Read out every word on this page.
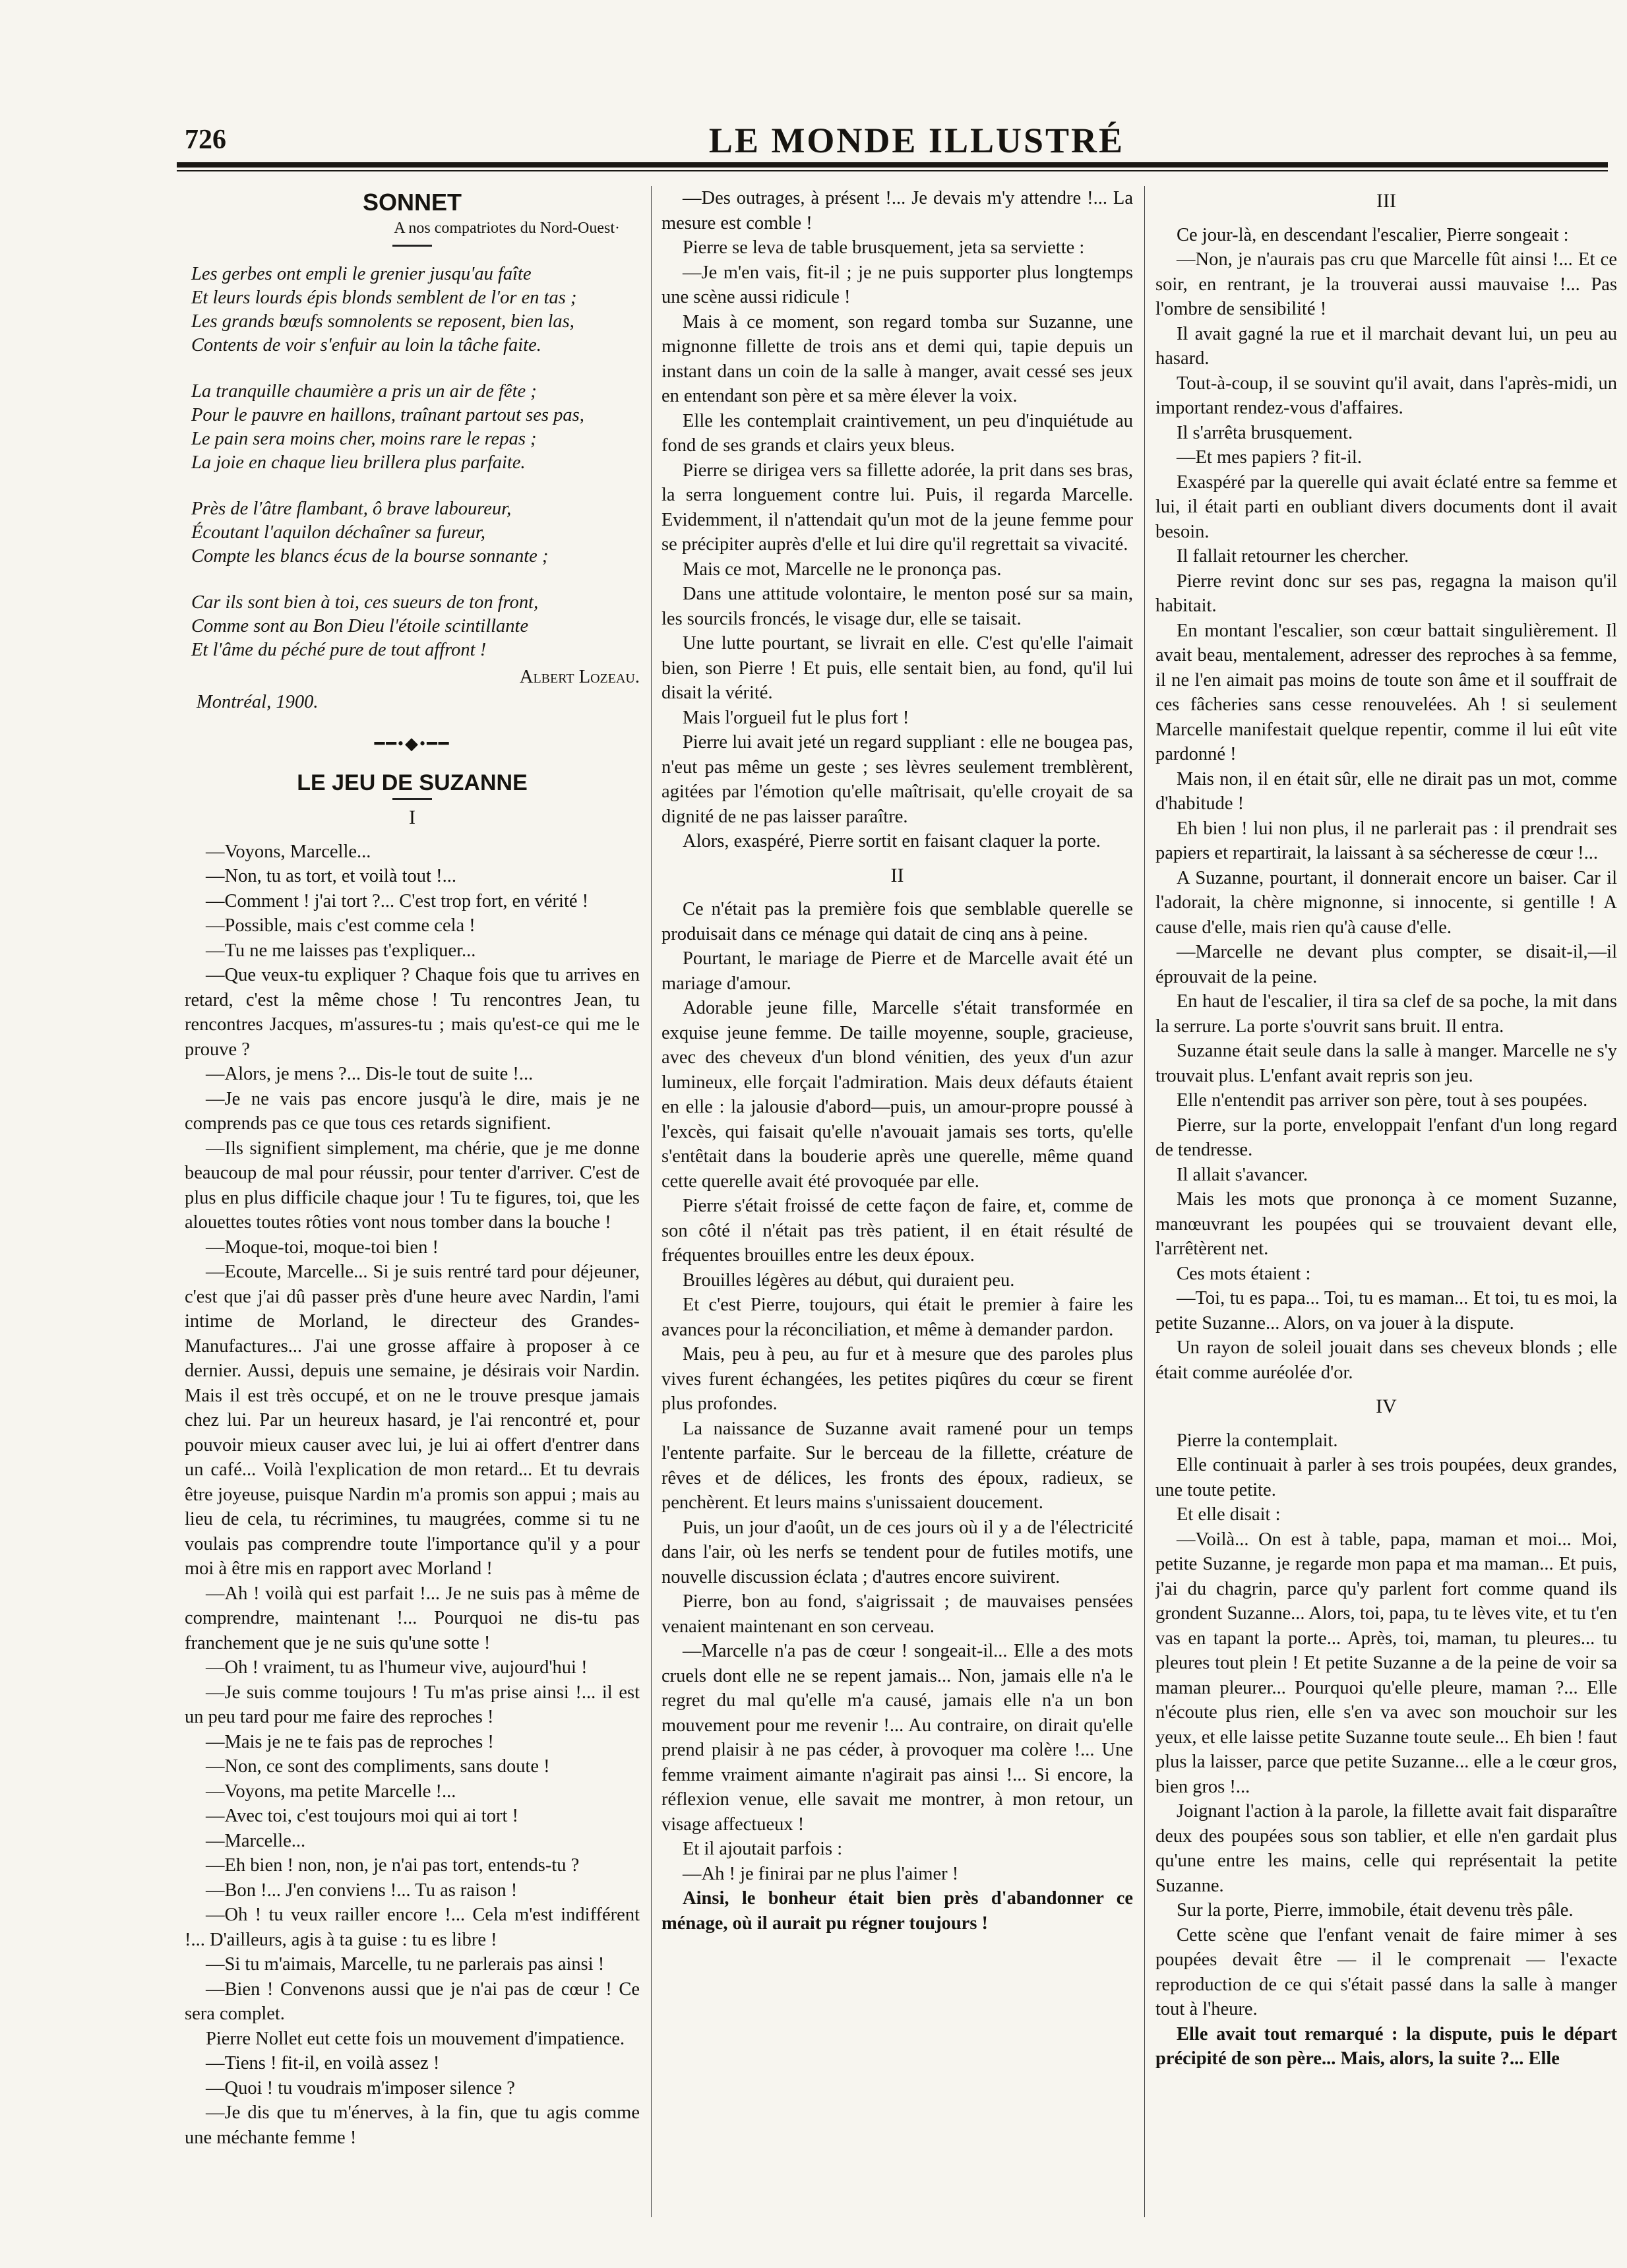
726	LE MONDE ILLUSTRÉ
SONNET
A nos compatriotes du Nord-Ouest·
Les gerbes ont empli le grenier jusqu'au faîte
Et leurs lourds épis blonds semblent de l'or en tas ;
Les grands bœufs somnolents se reposent, bien las,
Contents de voir s'enfuir au loin la tâche faite.
La tranquille chaumière a pris un air de fête ;
Pour le pauvre en haillons, traînant partout ses pas,
Le pain sera moins cher, moins rare le repas ;
La joie en chaque lieu brillera plus parfaite.
Près de l'âtre flambant, ô brave laboureur,
Écoutant l'aquilon déchaîner sa fureur,
Compte les blancs écus de la bourse sonnante ;
Car ils sont bien à toi, ces sueurs de ton front,
Comme sont au Bon Dieu l'étoile scintillante
Et l'âme du péché pure de tout affront !
Albert Lozeau.
Montréal, 1900.
━━•◆•━━
LE JEU DE SUZANNE
I

—Voyons, Marcelle...

—Non, tu as tort, et voilà tout !...

—Comment ! j'ai tort ?... C'est trop fort, en vérité !

—Possible, mais c'est comme cela !

—Tu ne me laisses pas t'expliquer...

—Que veux-tu expliquer ? Chaque fois que tu arrives en retard, c'est la même chose ! Tu rencontres Jean, tu rencontres Jacques, m'assures-tu ; mais qu'est-ce qui me le prouve ?

—Alors, je mens ?... Dis-le tout de suite !...

—Je ne vais pas encore jusqu'à le dire, mais je ne comprends pas ce que tous ces retards signifient.

—Ils signifient simplement, ma chérie, que je me donne beaucoup de mal pour réussir, pour tenter d'arriver. C'est de plus en plus difficile chaque jour ! Tu te figures, toi, que les alouettes toutes rôties vont nous tomber dans la bouche !

—Moque-toi, moque-toi bien !

—Ecoute, Marcelle... Si je suis rentré tard pour déjeuner, c'est que j'ai dû passer près d'une heure avec Nardin, l'ami intime de Morland, le directeur des Grandes-Manufactures... J'ai une grosse affaire à proposer à ce dernier. Aussi, depuis une semaine, je désirais voir Nardin. Mais il est très occupé, et on ne le trouve presque jamais chez lui. Par un heureux hasard, je l'ai rencontré et, pour pouvoir mieux causer avec lui, je lui ai offert d'entrer dans un café... Voilà l'explication de mon retard... Et tu devrais être joyeuse, puisque Nardin m'a promis son appui ; mais au lieu de cela, tu récrimines, tu maugrées, comme si tu ne voulais pas comprendre toute l'importance qu'il y a pour moi à être mis en rapport avec Morland !

—Ah ! voilà qui est parfait !... Je ne suis pas à même de comprendre, maintenant !... Pourquoi ne dis-tu pas franchement que je ne suis qu'une sotte !

—Oh ! vraiment, tu as l'humeur vive, aujourd'hui !

—Je suis comme toujours ! Tu m'as prise ainsi !... il est un peu tard pour me faire des reproches !

—Mais je ne te fais pas de reproches !

—Non, ce sont des compliments, sans doute !

—Voyons, ma petite Marcelle !...

—Avec toi, c'est toujours moi qui ai tort !

—Marcelle...

—Eh bien ! non, non, je n'ai pas tort, entends-tu ?

—Bon !... J'en conviens !... Tu as raison !

—Oh ! tu veux railler encore !... Cela m'est indifférent !... D'ailleurs, agis à ta guise : tu es libre !

—Si tu m'aimais, Marcelle, tu ne parlerais pas ainsi !

—Bien ! Convenons aussi que je n'ai pas de cœur ! Ce sera complet.

Pierre Nollet eut cette fois un mouvement d'impatience.

—Tiens ! fit-il, en voilà assez !

—Quoi ! tu voudrais m'imposer silence ?

—Je dis que tu m'énerves, à la fin, que tu agis comme une méchante femme !

—Des outrages, à présent !... Je devais m'y attendre !... La mesure est comble !

Pierre se leva de table brusquement, jeta sa serviette :

—Je m'en vais, fit-il ; je ne puis supporter plus longtemps une scène aussi ridicule !

Mais à ce moment, son regard tomba sur Suzanne, une mignonne fillette de trois ans et demi qui, tapie depuis un instant dans un coin de la salle à manger, avait cessé ses jeux en entendant son père et sa mère élever la voix.

Elle les contemplait craintivement, un peu d'inquiétude au fond de ses grands et clairs yeux bleus.

Pierre se dirigea vers sa fillette adorée, la prit dans ses bras, la serra longuement contre lui. Puis, il regarda Marcelle. Evidemment, il n'attendait qu'un mot de la jeune femme pour se précipiter auprès d'elle et lui dire qu'il regrettait sa vivacité.

Mais ce mot, Marcelle ne le prononça pas.

Dans une attitude volontaire, le menton posé sur sa main, les sourcils froncés, le visage dur, elle se taisait.

Une lutte pourtant, se livrait en elle. C'est qu'elle l'aimait bien, son Pierre ! Et puis, elle sentait bien, au fond, qu'il lui disait la vérité.

Mais l'orgueil fut le plus fort !

Pierre lui avait jeté un regard suppliant : elle ne bougea pas, n'eut pas même un geste ; ses lèvres seulement tremblèrent, agitées par l'émotion qu'elle maîtrisait, qu'elle croyait de sa dignité de ne pas laisser paraître.

Alors, exaspéré, Pierre sortit en faisant claquer la porte.

II

Ce n'était pas la première fois que semblable querelle se produisait dans ce ménage qui datait de cinq ans à peine.

Pourtant, le mariage de Pierre et de Marcelle avait été un mariage d'amour.

Adorable jeune fille, Marcelle s'était transformée en exquise jeune femme. De taille moyenne, souple, gracieuse, avec des cheveux d'un blond vénitien, des yeux d'un azur lumineux, elle forçait l'admiration. Mais deux défauts étaient en elle : la jalousie d'abord—puis, un amour-propre poussé à l'excès, qui faisait qu'elle n'avouait jamais ses torts, qu'elle s'entêtait dans la bouderie après une querelle, même quand cette querelle avait été provoquée par elle.

Pierre s'était froissé de cette façon de faire, et, comme de son côté il n'était pas très patient, il en était résulté de fréquentes brouilles entre les deux époux.

Brouilles légères au début, qui duraient peu.

Et c'est Pierre, toujours, qui était le premier à faire les avances pour la réconciliation, et même à demander pardon.

Mais, peu à peu, au fur et à mesure que des paroles plus vives furent échangées, les petites piqûres du cœur se firent plus profondes.

La naissance de Suzanne avait ramené pour un temps l'entente parfaite. Sur le berceau de la fillette, créature de rêves et de délices, les fronts des époux, radieux, se penchèrent. Et leurs mains s'unissaient doucement.

Puis, un jour d'août, un de ces jours où il y a de l'électricité dans l'air, où les nerfs se tendent pour de futiles motifs, une nouvelle discussion éclata ; d'autres encore suivirent.

Pierre, bon au fond, s'aigrissait ; de mauvaises pensées venaient maintenant en son cerveau.

—Marcelle n'a pas de cœur ! songeait-il... Elle a des mots cruels dont elle ne se repent jamais... Non, jamais elle n'a le regret du mal qu'elle m'a causé, jamais elle n'a un bon mouvement pour me revenir !... Au contraire, on dirait qu'elle prend plaisir à ne pas céder, à provoquer ma colère !... Une femme vraiment aimante n'agirait pas ainsi !... Si encore, la réflexion venue, elle savait me montrer, à mon retour, un visage affectueux !

Et il ajoutait parfois :

—Ah ! je finirai par ne plus l'aimer !

Ainsi, le bonheur était bien près d'abandonner ce ménage, où il aurait pu régner toujours !

III

Ce jour-là, en descendant l'escalier, Pierre songeait :

—Non, je n'aurais pas cru que Marcelle fût ainsi !... Et ce soir, en rentrant, je la trouverai aussi mauvaise !... Pas l'ombre de sensibilité !

Il avait gagné la rue et il marchait devant lui, un peu au hasard.

Tout-à-coup, il se souvint qu'il avait, dans l'après-midi, un important rendez-vous d'affaires.

Il s'arrêta brusquement.

—Et mes papiers ? fit-il.

Exaspéré par la querelle qui avait éclaté entre sa femme et lui, il était parti en oubliant divers documents dont il avait besoin.

Il fallait retourner les chercher.

Pierre revint donc sur ses pas, regagna la maison qu'il habitait.

En montant l'escalier, son cœur battait singulièrement. Il avait beau, mentalement, adresser des reproches à sa femme, il ne l'en aimait pas moins de toute son âme et il souffrait de ces fâcheries sans cesse renouvelées. Ah ! si seulement Marcelle manifestait quelque repentir, comme il lui eût vite pardonné !

Mais non, il en était sûr, elle ne dirait pas un mot, comme d'habitude !

Eh bien ! lui non plus, il ne parlerait pas : il prendrait ses papiers et repartirait, la laissant à sa sécheresse de cœur !...

A Suzanne, pourtant, il donnerait encore un baiser. Car il l'adorait, la chère mignonne, si innocente, si gentille ! A cause d'elle, mais rien qu'à cause d'elle.

—Marcelle ne devant plus compter, se disait-il,—il éprouvait de la peine.

En haut de l'escalier, il tira sa clef de sa poche, la mit dans la serrure. La porte s'ouvrit sans bruit. Il entra.

Suzanne était seule dans la salle à manger. Marcelle ne s'y trouvait plus. L'enfant avait repris son jeu.

Elle n'entendit pas arriver son père, tout à ses poupées.

Pierre, sur la porte, enveloppait l'enfant d'un long regard de tendresse.

Il allait s'avancer.

Mais les mots que prononça à ce moment Suzanne, manœuvrant les poupées qui se trouvaient devant elle, l'arrêtèrent net.

Ces mots étaient :

—Toi, tu es papa... Toi, tu es maman... Et toi, tu es moi, la petite Suzanne... Alors, on va jouer à la dispute.

Un rayon de soleil jouait dans ses cheveux blonds ; elle était comme auréolée d'or.

IV

Pierre la contemplait.

Elle continuait à parler à ses trois poupées, deux grandes, une toute petite.

Et elle disait :

—Voilà... On est à table, papa, maman et moi... Moi, petite Suzanne, je regarde mon papa et ma maman... Et puis, j'ai du chagrin, parce qu'y parlent fort comme quand ils grondent Suzanne... Alors, toi, papa, tu te lèves vite, et tu t'en vas en tapant la porte... Après, toi, maman, tu pleures... tu pleures tout plein ! Et petite Suzanne a de la peine de voir sa maman pleurer... Pourquoi qu'elle pleure, maman ?... Elle n'écoute plus rien, elle s'en va avec son mouchoir sur les yeux, et elle laisse petite Suzanne toute seule... Eh bien ! faut plus la laisser, parce que petite Suzanne... elle a le cœur gros, bien gros !...

Joignant l'action à la parole, la fillette avait fait disparaître deux des poupées sous son tablier, et elle n'en gardait plus qu'une entre les mains, celle qui représentait la petite Suzanne.

Sur la porte, Pierre, immobile, était devenu très pâle.

Cette scène que l'enfant venait de faire mimer à ses poupées devait être — il le comprenait — l'exacte reproduction de ce qui s'était passé dans la salle à manger tout à l'heure.

Elle avait tout remarqué : la dispute, puis le départ précipité de son père... Mais, alors, la suite ?... Elle
